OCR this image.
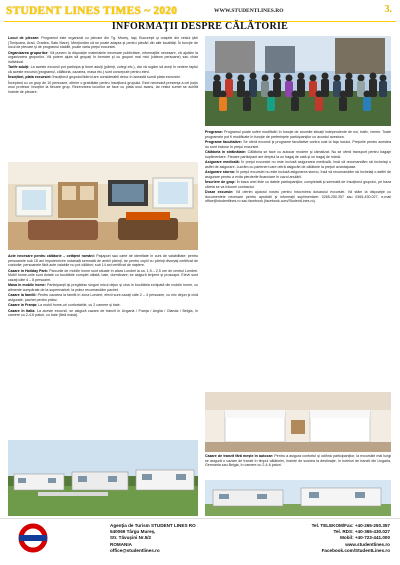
STUDENT LINES TIMES ~ 2020	WWW.STUDENTLINES.RO	3.
INFORMAŢII DESPRE CĂLĂTORIE

Locul de plecare: Programul este organizat cu plecare din Tg. Mureş, Iaşi, Bucureşti şi oraşele din vestul ţării (Timişoara, Arad, Oradea, Satu Mare). Menţionăm că se poate adapta şi pentru plecări din alte localităţi. În funcţie de locul de plecare şi de programul stabilit, poate varia preţul excursiei.

Organizarea grupurilor: Vă punem la dispoziţie materialele necesare publicitare, informaţiile necesare, vă ajutăm la organizarea grupurilor. Vă putem ajuta să grupaţi în formare şi cu grupuri mai mici (câteva persoane) sau chiar individual.

Tarife adulţi: La aceste excursii pot participa şi tineri adulţi (părinţi, colegi etc.), dar vă rugăm să aveţi în vedere faptul că aceste excursii (programul, călătoria, cazarea, masa etc.) sunt concepute pentru elevi.

Însoţitori, plata excursiei: Însoţitorul grupului/liderul are considerabil deloc în această sumă plata excursiei.

Începând cu un grup de 10 persoane, oferim o gratuitate pentru însoţitorul grupului. Este necesară prezenţa a cel puţin unui profesor însoţitor la fiecare grup. Rezervarea locurilor se face cu plata unui avans, iar restul sumei se achită înainte de plecare.

Programe: Programul poate suferi modificări în funcţie de anumite situaţii independente de noi, trafic, vreme. Toate programele pot fi modificate în funcţie de preferinţele participanţilor cu acordul acestora.

Programe facultative: Se oferă excursii şi programe facultative contra cost la faţa locului. Preţurile pentru acestea nu sunt incluse în preţul excursiei.

Călătoria în străinătate: Călătoria se face cu autocar modern şi climatizat. Nu se oferă transport pentru bagaje suplimentare. Fiecare participant are dreptul la un bagaj de cală şi un bagaj de mână.

Asigurare medicală: În preţul excursiei nu este inclusă asigurarea medicală, însă vă recomandăm să încheiaţi o astfel de asigurare. Lucrăm cu parteneri care oferă asigurări de călătorie la preţuri avantajoase.

Asigurare storno: În preţul excursiei nu este inclusă asigurarea storno, însă vă recomandăm să încheiaţi o astfel de asigurare pentru a evita pierderile financiare în cazul anulării.

Înscriere de grup: În baza unei liste cu datele participanţilor, completată şi semnată de însoţitorul grupului, pe baza căreia se va întocmi contractul.

Dosar excursie: Vă oferim ajutorul nostru pentru întocmirea dosarului excursiei. Vă stăm la dispoziţie cu documentele necesare pentru aprobări şi informaţii suplimentare: 0265-250.357 sau 0365-430.027, e-mail office@studentlines.ro sau facebook (facebook.com/StudentLines.ro).

Acte necesare pentru călătorie – cetăţeni români: Paşaport sau carte de identitate în curs de valabilitate; pentru persoanele sub 18 ani împuternicire notarială semnată de ambii părinţi, iar pentru copiii cu părinţi divorţaţi certificat de custodie; persoanele fără acte valabile nu pot călători; sub 14 ani certificat de naştere.

Cazare în Holiday Park: Parcurile de mobile home sunt situate în afara Londrei la ca. 1,5 – 2,5 ore de centrul Londrei. Mobil home-urile sunt dotate cu bucătărie complet utilată, baie, dormitoare; se asigură lenjerie şi prosoape. Elevii sunt cazaţi câte 4 – 8 persoane.

Masa în mobile home: Participanţii îşi pregătesc singuri micul dejun şi cina în bucătăria echipată din mobile home, cu alimente cumpărate de la supermarket; la prânz recomandăm pachet.

Cazare la familii: Pentru cazarea la familii în zona Londrei, elevii sunt cazaţi câte 2 – 4 persoane, cu mic dejun şi cină asigurate, pachet pentru prânz.

Cazare în Franţa: La mobil home-uri confortabile, cu 2 camere şi baie.

Cazare în Italia: La aceste excursii, se asigură cazare de tranzit în Ungaria / Franţa / Anglia / Olanda / Belgia, în camere cu 2-4-6 paturi, cu baie (fără masă).

Cazare de tranzit fără mește în autocar: Pentru a asigura confortul şi odihna participanţilor, la excursiile mai lungi se asigură o cazare de tranzit în timpul călătoriei, înainte de sosirea la destinaţie, în hoteluri de tranzit din Ungaria, Germania sau Belgia, în camere cu 2-4-6 paturi.

Agenţia de Turism STUDENT LINES RO
540069 Târgu Mureş,
Str. Tăvuşini Nr.5/2
ROMANIA
office@studentlines.ro
Tel. TELEKOM/Fax: +40-265-250.357
Tel. RDS: +40-365-430.027
Mobil: +40-723-441.000
www.studentlines.ro
Facebook.com/StudentLines.ro
